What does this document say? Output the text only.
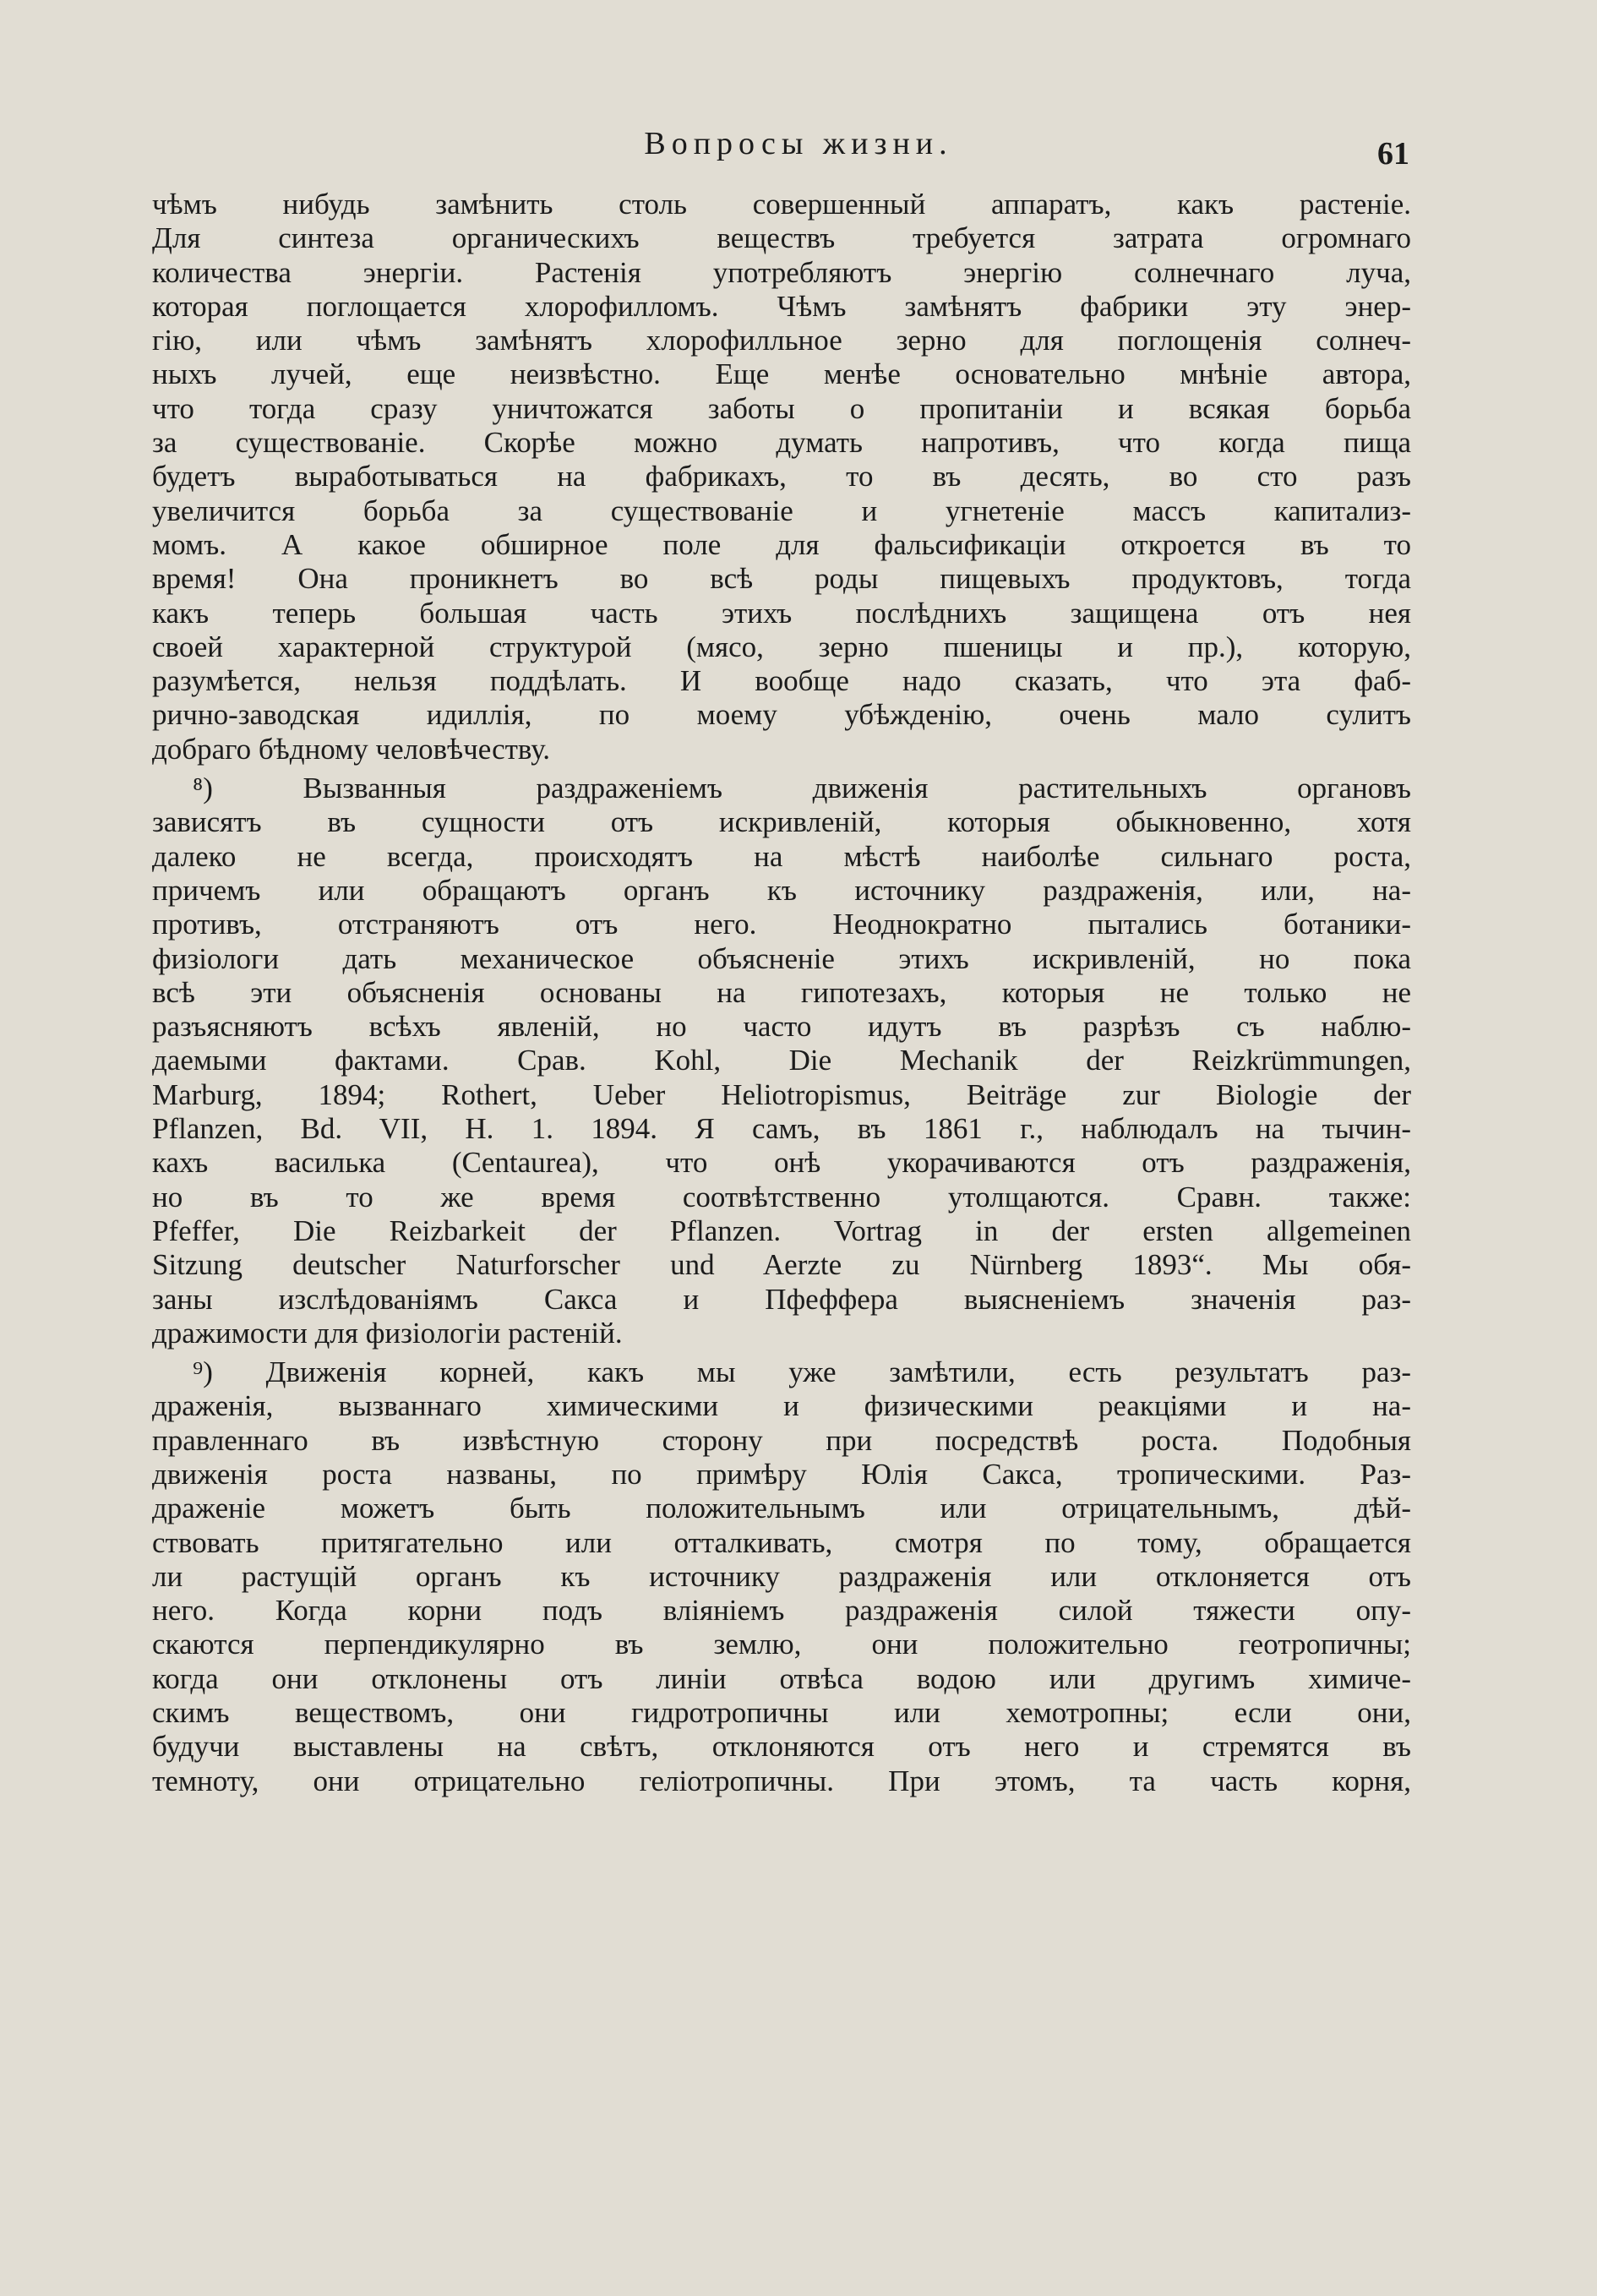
Вопросы жизни.	61
чѣмъ нибудь замѣнить столь совершенный аппаратъ, какъ растеніе.
Для синтеза органическихъ веществъ требуется затрата огромнаго
количества энергіи. Растенія употребляютъ энергію солнечнаго луча,
которая поглощается хлорофилломъ. Чѣмъ замѣнятъ фабрики эту энер-
гію, или чѣмъ замѣнятъ хлорофилльное зерно для поглощенія солнеч-
ныхъ лучей, еще неизвѣстно. Еще менѣе основательно мнѣніе автора,
что тогда сразу уничтожатся заботы о пропитаніи и всякая борьба
за существованіе. Скорѣе можно думать напротивъ, что когда пища
будетъ выработываться на фабрикахъ, то въ десять, во сто разъ
увеличится борьба за существованіе и угнетеніе массъ капитализ-
момъ. А какое обширное поле для фальсификаціи откроется въ то
время! Она проникнетъ во всѣ роды пищевыхъ продуктовъ, тогда
какъ теперь большая часть этихъ послѣднихъ защищена отъ нея
своей характерной структурой (мясо, зерно пшеницы и пр.), которую,
разумѣется, нельзя поддѣлать. И вообще надо сказать, что эта фаб-
рично-заводская идиллія, по моему убѣжденію, очень мало сулитъ
добраго бѣдному человѣчеству.
⁸) Вызванныя раздраженіемъ движенія растительныхъ органовъ
зависятъ въ сущности отъ искривленій, которыя обыкновенно, хотя
далеко не всегда, происходятъ на мѣстѣ наиболѣе сильнаго роста,
причемъ или обращаютъ органъ къ источнику раздраженія, или, на-
противъ, отстраняютъ отъ него. Неоднократно пытались ботаники-
физіологи дать механическое объясненіе этихъ искривленій, но пока
всѣ эти объясненія основаны на гипотезахъ, которыя не только не
разъясняютъ всѣхъ явленій, но часто идутъ въ разрѣзъ съ наблю-
даемыми фактами. Срав. Kohl, Die Mechanik der Reizkrümmungen,
Marburg, 1894; Rothert, Ueber Heliotropismus, Beiträge zur Biologie der
Pflanzen, Bd. VII, H. 1. 1894. Я самъ, въ 1861 г., наблюдалъ на тычин-
кахъ василька (Centaurea), что онѣ укорачиваются отъ раздраженія,
но въ то же время соотвѣтственно утолщаются. Сравн. также:
Pfeffer, Die Reizbarkeit der Pflanzen. Vortrag in der ersten allgemeinen
Sitzung deutscher Naturforscher und Aerzte zu Nürnberg 1893“. Мы обя-
заны изслѣдованіямъ Сакса и Пфеффера выясненіемъ значенія раз-
дражимости для физіологіи растеній.
⁹) Движенія корней, какъ мы уже замѣтили, есть результатъ раз-
драженія, вызваннаго химическими и физическими реакціями и на-
правленнаго въ извѣстную сторону при посредствѣ роста. Подобныя
движенія роста названы, по примѣру Юлія Сакса, тропическими. Раз-
драженіе можетъ быть положительнымъ или отрицательнымъ, дѣй-
ствовать притягательно или отталкивать, смотря по тому, обращается
ли растущій органъ къ источнику раздраженія или отклоняется отъ
него. Когда корни подъ вліяніемъ раздраженія силой тяжести опу-
скаются перпендикулярно въ землю, они положительно геотропичны;
когда они отклонены отъ линіи отвѣса водою или другимъ химиче-
скимъ веществомъ, они гидротропичны или хемотропны; если они,
будучи выставлены на свѣтъ, отклоняются отъ него и стремятся въ
темноту, они отрицательно геліотропичны. При этомъ, та часть корня,
